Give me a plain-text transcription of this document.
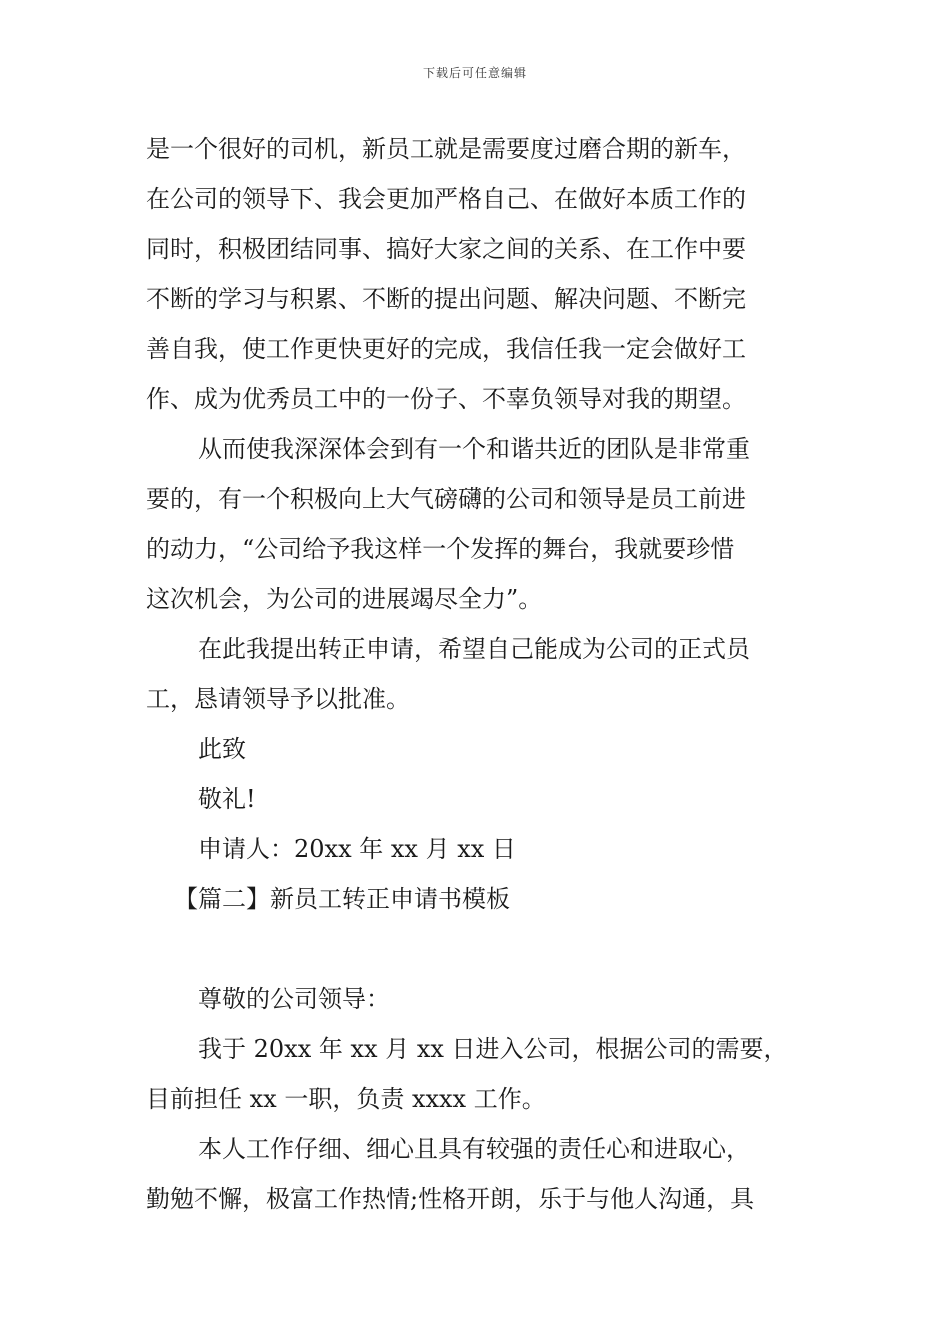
下载后可任意编辑
是一个很好的司机，新员工就是需要度过磨合期的新车，
在公司的领导下、我会更加严格自己、在做好本质工作的
同时，积极团结同事、搞好大家之间的关系、在工作中要
不断的学习与积累、不断的提出问题、解决问题、不断完
善自我，使工作更快更好的完成，我信任我一定会做好工
作、成为优秀员工中的一份子、不辜负领导对我的期望。
从而使我深深体会到有一个和谐共近的团队是非常重
要的，有一个积极向上大气磅礴的公司和领导是员工前进
的动力，“公司给予我这样一个发挥的舞台，我就要珍惜
这次机会，为公司的进展竭尽全力”。
在此我提出转正申请，希望自己能成为公司的正式员
工，恳请领导予以批准。
此致
敬礼!
申请人：20xx 年 xx 月 xx 日
【篇二】新员工转正申请书模板
尊敬的公司领导：
我于 20xx 年 xx 月 xx 日进入公司，根据公司的需要，
目前担任 xx 一职，负责 xxxx 工作。
本人工作仔细、细心且具有较强的责任心和进取心，
勤勉不懈，极富工作热情;性格开朗，乐于与他人沟通，具
